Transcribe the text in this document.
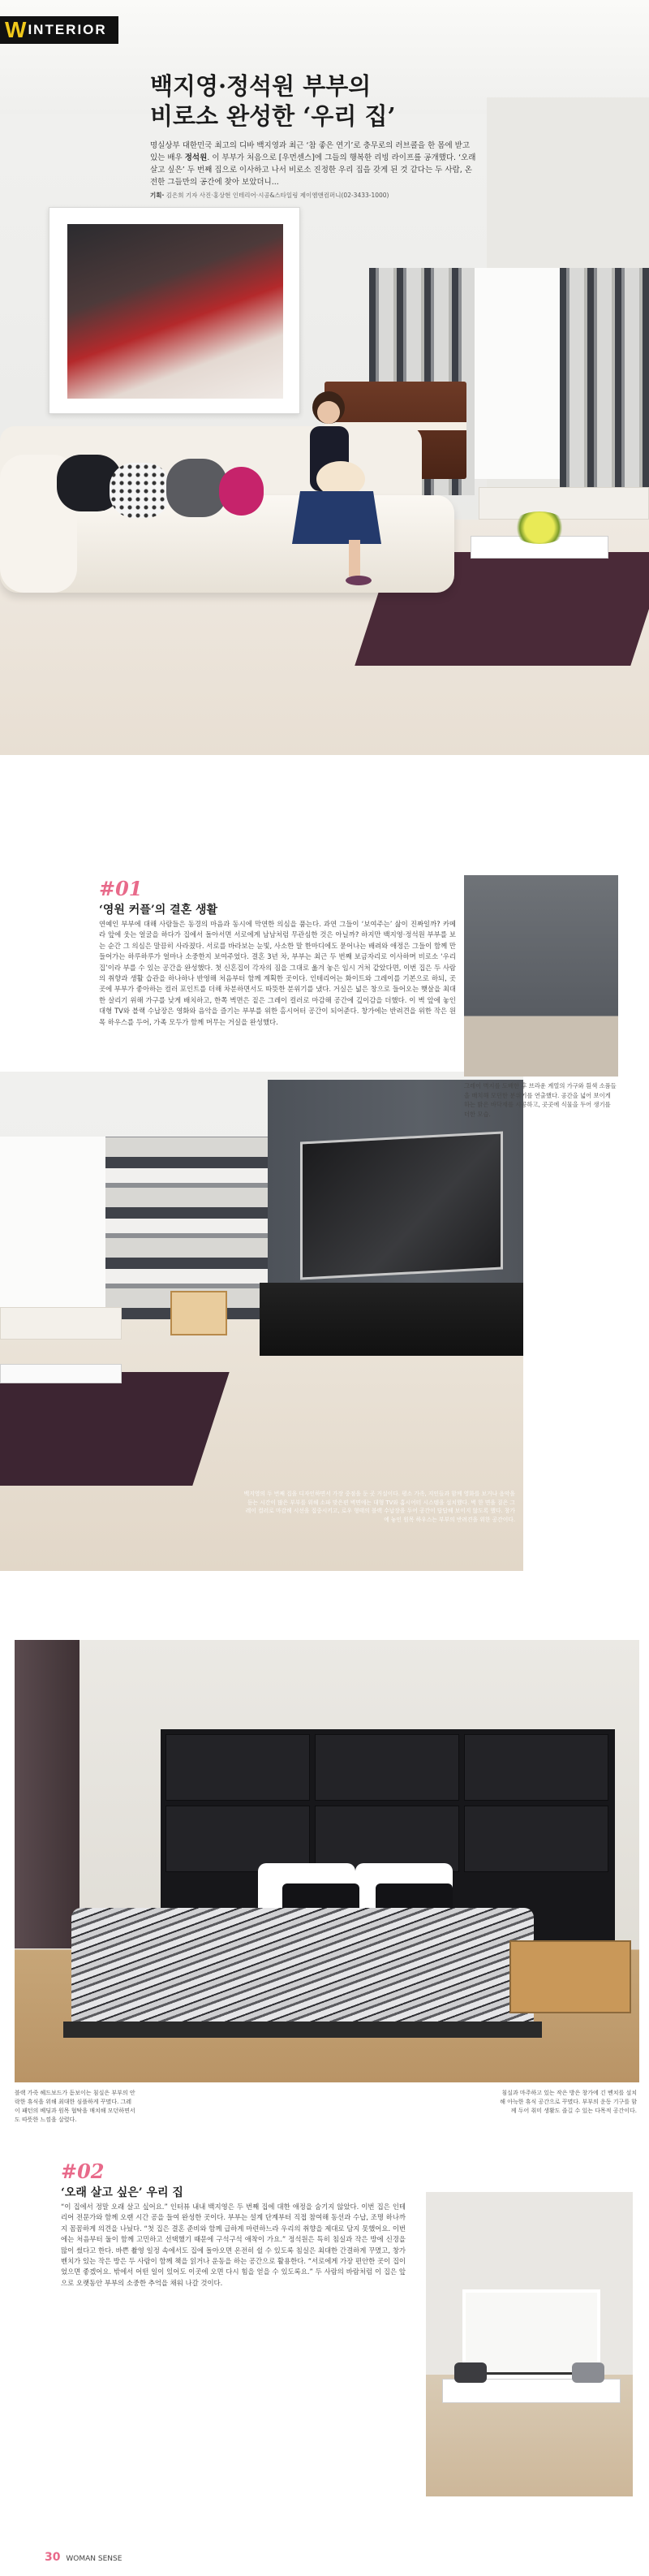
W INTERIOR
백지영·정석원 부부의
비로소 완성한 ‘우리 집’

명실상부 대한민국 최고의 디바 백지영과 최근 ‘참 좋은 연기’로 충무로의 러브콜을 한 몸에 받고 있는 배우 정석원. 이 부부가 처음으로 [우먼센스]에 그들의 행복한 리빙 라이프를 공개했다. ‘오래 살고 싶은’ 두 번째 집으로 이사하고 나서 비로소 진정한 우리 집을 갖게 된 것 같다는 두 사람, 온전한 그들만의 공간에 찾아 보았더니...

기획· 김은희 기자 사진·홍상현 인테리어·시공&스타일링 제이엠앤컴퍼니(02-3433-1000)

#01
‘영원 커플’의 결혼 생활

연예인 부부에 대해 사람들은 동경의 마음과 동시에 막연한 의심을 품는다. 과연 그들이 ‘보여주는’ 삶이 진짜일까? 카메라 앞에 웃는 얼굴을 하다가 집에서 돌아서면 서로에게 남남처럼 무관심한 것은 아닐까? 하지만 백지영·정석원 부부를 보는 순간 그 의심은 말끔히 사라졌다. 서로를 바라보는 눈빛, 사소한 말 한마디에도 묻어나는 배려와 애정은 그들이 함께 만들어가는 하루하루가 얼마나 소중한지 보여주었다. 결혼 3년 차, 부부는 최근 두 번째 보금자리로 이사하며 비로소 ‘우리 집’이라 부를 수 있는 공간을 완성했다. 첫 신혼집이 각자의 짐을 그대로 옮겨 놓은 임시 거처 같았다면, 이번 집은 두 사람의 취향과 생활 습관을 하나하나 반영해 처음부터 함께 계획한 곳이다. 인테리어는 화이트와 그레이를 기본으로 하되, 곳곳에 부부가 좋아하는 컬러 포인트를 더해 차분하면서도 따뜻한 분위기를 냈다. 거실은 넓은 창으로 들어오는 햇살을 최대한 살리기 위해 가구를 낮게 배치하고, 한쪽 벽면은 짙은 그레이 컬러로 마감해 공간에 깊이감을 더했다. 이 벽 앞에 놓인 대형 TV와 블랙 수납장은 영화와 음악을 즐기는 부부를 위한 홈시어터 공간이 되어준다. 창가에는 반려견을 위한 작은 원목 하우스를 두어, 가족 모두가 함께 머무는 거실을 완성했다.

그레이 벽지를 도배한 후 브라운 계열의 가구와 흰색 소품들을 매치해 모던한 분위기를 연출했다. 공간을 넓어 보이게 하는 밝은 바닥재를 시공하고, 곳곳에 식물을 두어 생기를 더한 모습.

백지영의 두 번째 집을 디자인하면서 가장 중점을 둔 곳 거실이다. 평소 가족, 지인들과 함께 영화를 보거나 음악을 듣는 시간이 많은 부부를 위해 소파 맞은편 벽면에는 대형 TV와 홈시어터 시스템을 설치했다. 벽 한 면을 짙은 그레이 컬러로 마감해 시선을 집중시키고, 로우 형태의 블랙 수납장을 두어 공간이 답답해 보이지 않도록 했다. 창가에 놓인 원목 하우스는 부부의 반려견을 위한 공간이다.

블랙 가죽 헤드보드가 돋보이는 침실은 부부의 안락한 휴식을 위해 최대한 심플하게 꾸몄다. 그레이 패턴의 베딩과 원목 협탁을 매치해 모던하면서도 따뜻한 느낌을 살렸다.

침실과 마주하고 있는 작은 방은 창가에 긴 벤치를 설치해 아늑한 휴식 공간으로 꾸몄다. 부부의 운동 기구를 함께 두어 취미 생활도 즐길 수 있는 다목적 공간이다.

#02
‘오래 살고 싶은’ 우리 집

“이 집에서 정말 오래 살고 싶어요.” 인터뷰 내내 백지영은 두 번째 집에 대한 애정을 숨기지 않았다. 이번 집은 인테리어 전문가와 함께 오랜 시간 공을 들여 완성한 곳이다. 부부는 설계 단계부터 직접 참여해 동선과 수납, 조명 하나까지 꼼꼼하게 의견을 나눴다. “첫 집은 결혼 준비와 함께 급하게 마련하느라 우리의 취향을 제대로 담지 못했어요. 이번에는 처음부터 둘이 함께 고민하고 선택했기 때문에 구석구석 애착이 가요.” 정석원은 특히 침실과 작은 방에 신경을 많이 썼다고 한다. 바쁜 촬영 일정 속에서도 집에 돌아오면 온전히 쉴 수 있도록 침실은 최대한 간결하게 꾸몄고, 창가 벤치가 있는 작은 방은 두 사람이 함께 책을 읽거나 운동을 하는 공간으로 활용한다. “서로에게 가장 편안한 곳이 집이었으면 좋겠어요. 밖에서 어떤 일이 있어도 이곳에 오면 다시 힘을 얻을 수 있도록요.” 두 사람의 바람처럼 이 집은 앞으로 오랫동안 부부의 소중한 추억을 채워 나갈 것이다.

30 WOMAN SENSE
